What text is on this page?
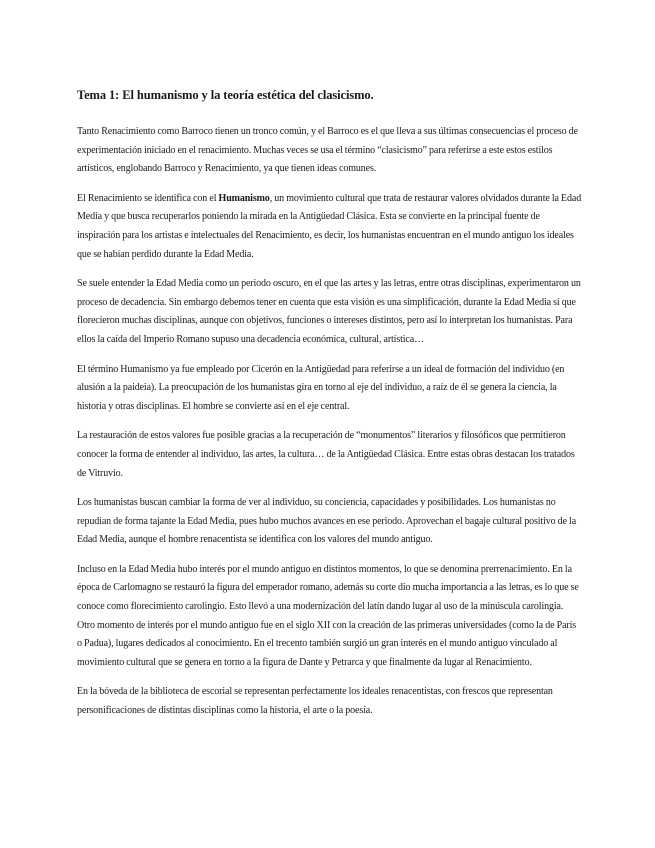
Tema 1: El humanismo y la teoría estética del clasicismo.

Tanto Renacimiento como Barroco tienen un tronco común, y el Barroco es el que lleva a sus últimas consecuencias el proceso de experimentación iniciado en el renacimiento. Muchas veces se usa el término “clasicismo” para referirse a este estos estilos artísticos, englobando Barroco y Renacimiento, ya que tienen ideas comunes.

El Renacimiento se identifica con el Humanismo, un movimiento cultural que trata de restaurar valores olvidados durante la Edad Media y que busca recuperarlos poniendo la mirada en la Antigüedad Clásica. Esta se convierte en la principal fuente de inspiración para los artistas e intelectuales del Renacimiento, es decir, los humanistas encuentran en el mundo antiguo los ideales que se habían perdido durante la Edad Media.

Se suele entender la Edad Media como un periodo oscuro, en el que las artes y las letras, entre otras disciplinas, experimentaron un proceso de decadencia. Sin embargo debemos tener en cuenta que esta visión es una simplificación, durante la Edad Media sí que florecieron muchas disciplinas, aunque con objetivos, funciones o intereses distintos, pero así lo interpretan los humanistas. Para ellos la caída del Imperio Romano supuso una decadencia económica, cultural, artística…

El término Humanismo ya fue empleado por Cicerón en la Antigüedad para referirse a un ideal de formación del individuo (en alusión a la paideia). La preocupación de los humanistas gira en torno al eje del individuo, a raíz de él se genera la ciencia, la historia y otras disciplinas. El hombre se convierte así en el eje central.

La restauración de estos valores fue posible gracias a la recuperación de “monumentos” literarios y filosóficos que permitieron conocer la forma de entender al individuo, las artes, la cultura… de la Antigüedad Clásica. Entre estas obras destacan los tratados de Vitruvio.

Los humanistas buscan cambiar la forma de ver al individuo, su conciencia, capacidades y posibilidades. Los humanistas no repudian de forma tajante la Edad Media, pues hubo muchos avances en ese periodo. Aprovechan el bagaje cultural positivo de la Edad Media, aunque el hombre renacentista se identifica con los valores del mundo antiguo.

Incluso en la Edad Media hubo interés por el mundo antiguo en distintos momentos, lo que se denomina prerrenacimiento. En la época de Carlomagno se restauró la figura del emperador romano, además su corte dio mucha importancia a las letras, es lo que se conoce como florecimiento carolingio. Esto llevó a una modernización del latín dando lugar al uso de la minúscula carolingia. Otro momento de interés por el mundo antiguo fue en el siglo XII con la creación de las primeras universidades (como la de París o Padua), lugares dedicados al conocimiento. En el trecento también surgió un gran interés en el mundo antiguo vinculado al movimiento cultural que se genera en torno a la figura de Dante y Petrarca y que finalmente da lugar al Renacimiento.

En la bóveda de la biblioteca de escorial se representan perfectamente los ideales renacentistas, con frescos que representan personificaciones de distintas disciplinas como la historia, el arte o la poesía.
